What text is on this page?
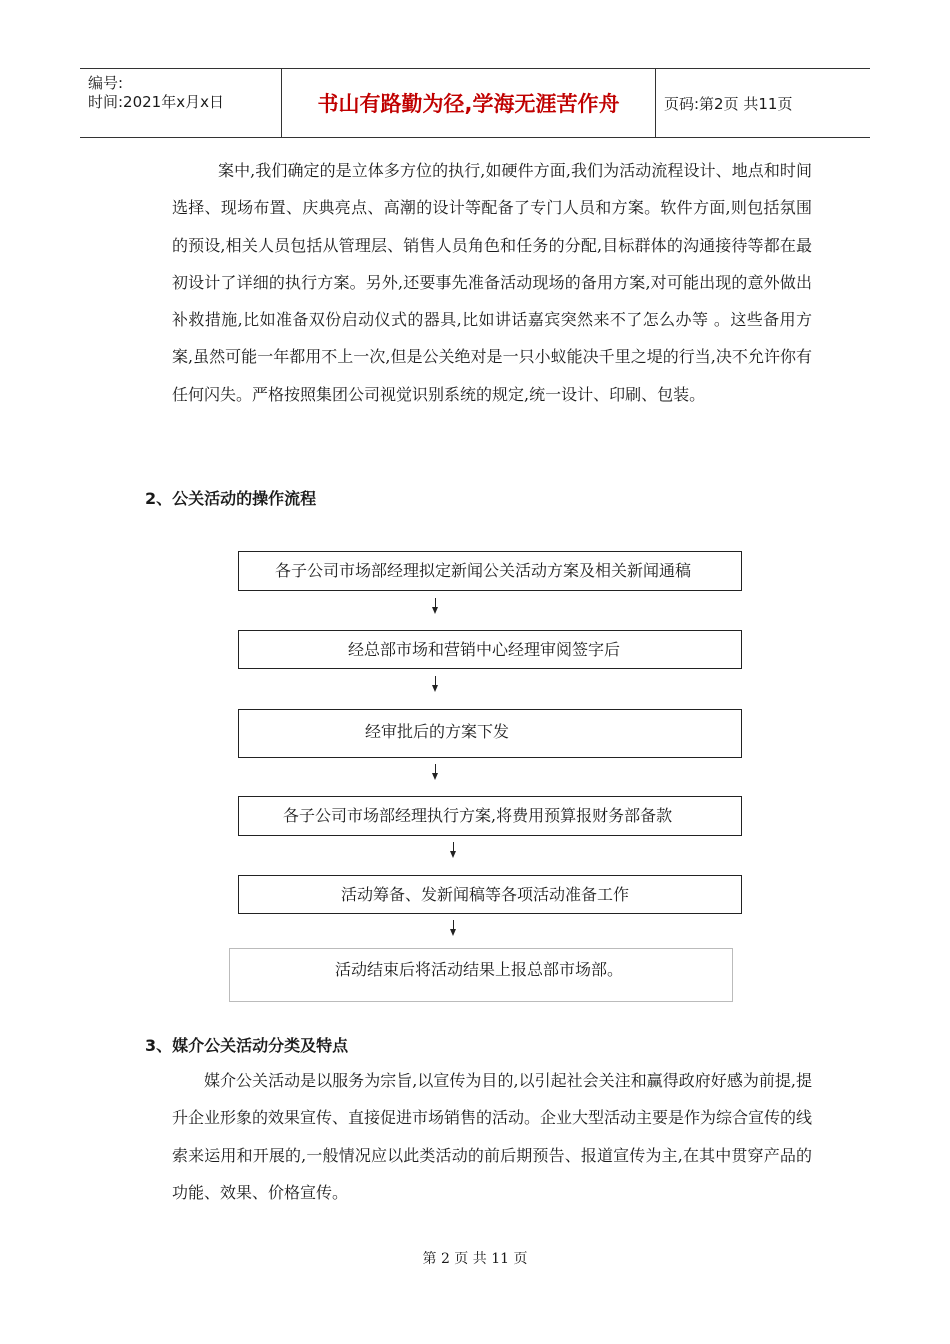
编号:
时间:2021年x月x日	书山有路勤为径,学海无涯苦作舟	页码:第2页 共11页
案中,我们确定的是立体多方位的执行,如硬件方面,我们为活动流程设计、地点和时间选择、现场布置、庆典亮点、高潮的设计等配备了专门人员和方案。软件方面,则包括氛围的预设,相关人员包括从管理层、销售人员角色和任务的分配,目标群体的沟通接待等都在最初设计了详细的执行方案。另外,还要事先准备活动现场的备用方案,对可能出现的意外做出补救措施,比如准备双份启动仪式的器具,比如讲话嘉宾突然来不了怎么办等 。这些备用方案,虽然可能一年都用不上一次,但是公关绝对是一只小蚁能决千里之堤的行当,决不允许你有任何闪失。严格按照集团公司视觉识别系统的规定,统一设计、印刷、包装。
2、公关活动的操作流程
各子公司市场部经理拟定新闻公关活动方案及相关新闻通稿
经总部市场和营销中心经理审阅签字后
经审批后的方案下发
各子公司市场部经理执行方案,将费用预算报财务部备款
活动筹备、发新闻稿等各项活动准备工作
活动结束后将活动结果上报总部市场部。
3、媒介公关活动分类及特点
媒介公关活动是以服务为宗旨,以宣传为目的,以引起社会关注和赢得政府好感为前提,提升企业形象的效果宣传、直接促进市场销售的活动。企业大型活动主要是作为综合宣传的线索来运用和开展的,一般情况应以此类活动的前后期预告、报道宣传为主,在其中贯穿产品的功能、效果、价格宣传。
第 2 页 共 11 页
